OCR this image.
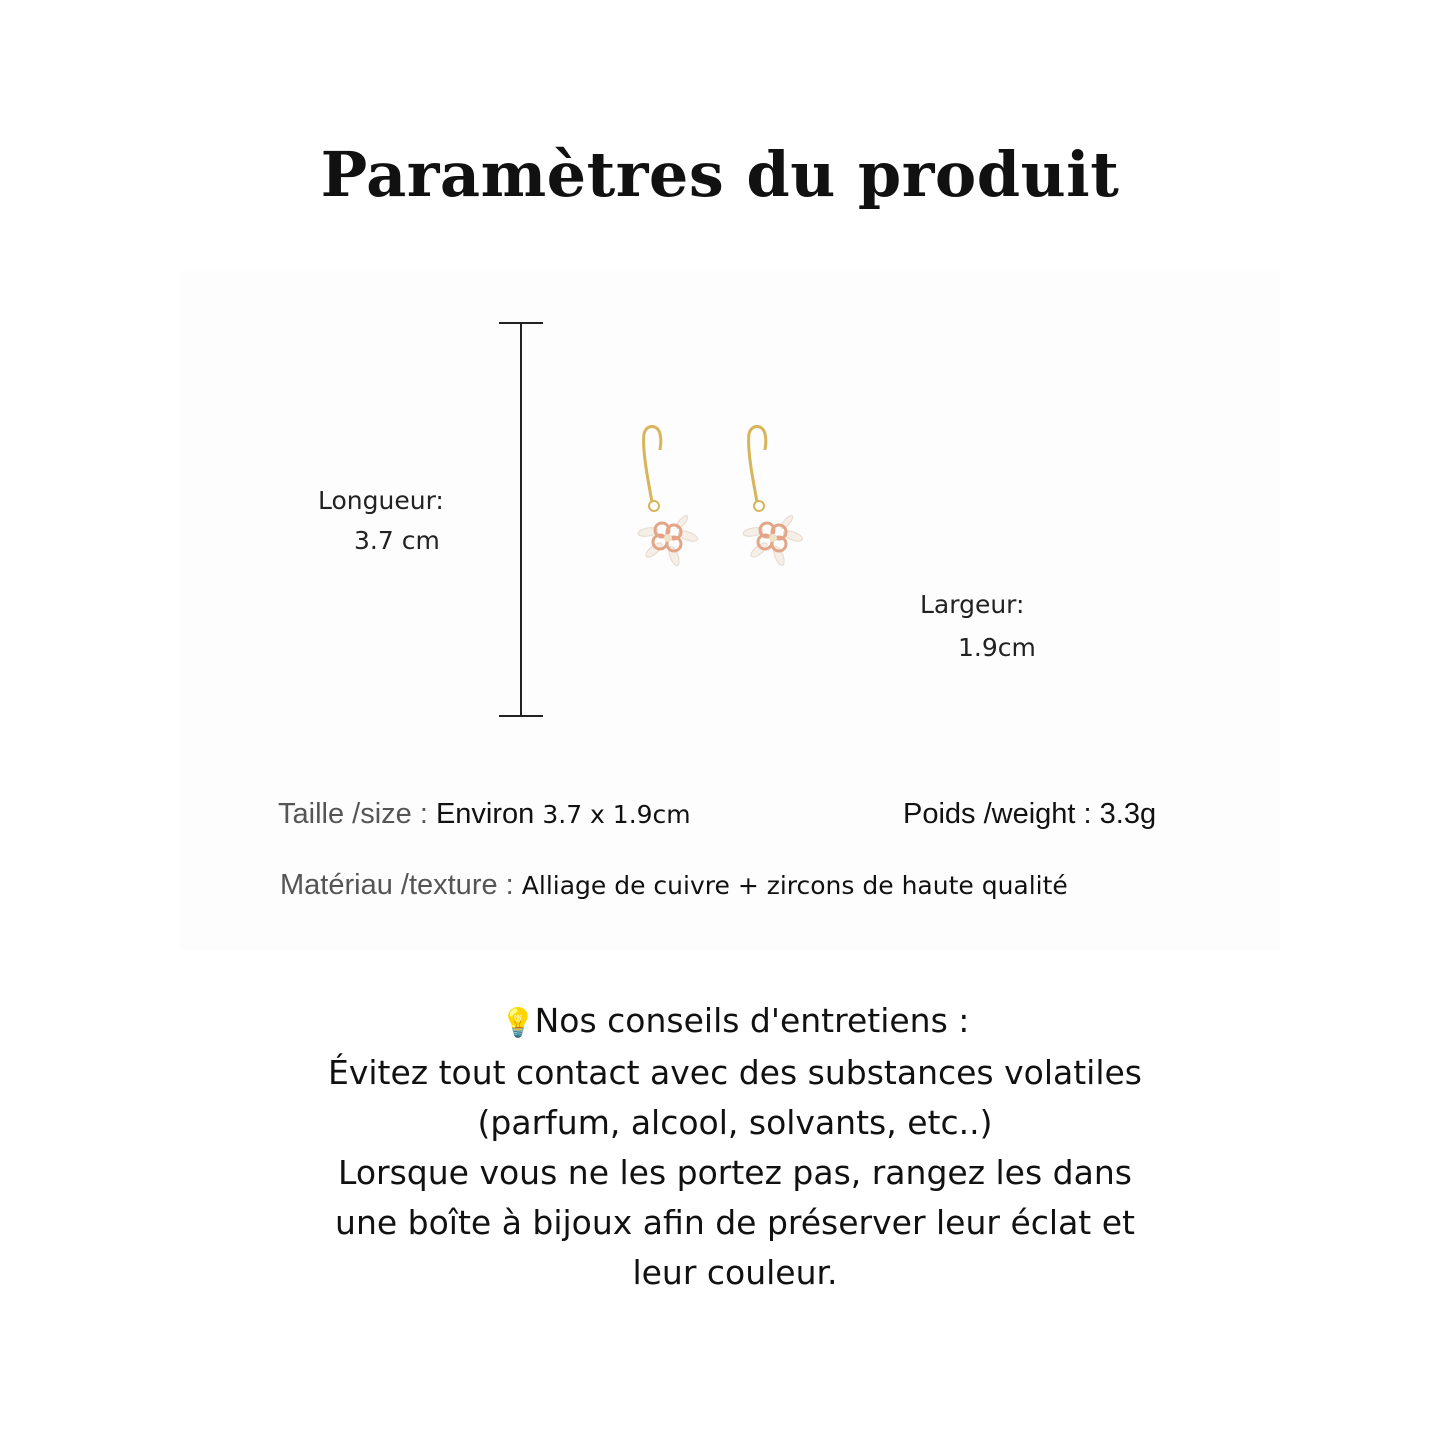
Paramètres du produit
Longueur:
3.7 cm
Largeur:
1.9cm
Taille /size : Environ 3.7 x 1.9cm	Poids /weight : 3.3g
Matériau /texture : Alliage de cuivre + zircons de haute qualité
💡Nos conseils d'entretiens :
Évitez tout contact avec des substances volatiles
(parfum, alcool, solvants, etc..)
Lorsque vous ne les portez pas, rangez les dans
une boîte à bijoux afin de préserver leur éclat et
leur couleur.
